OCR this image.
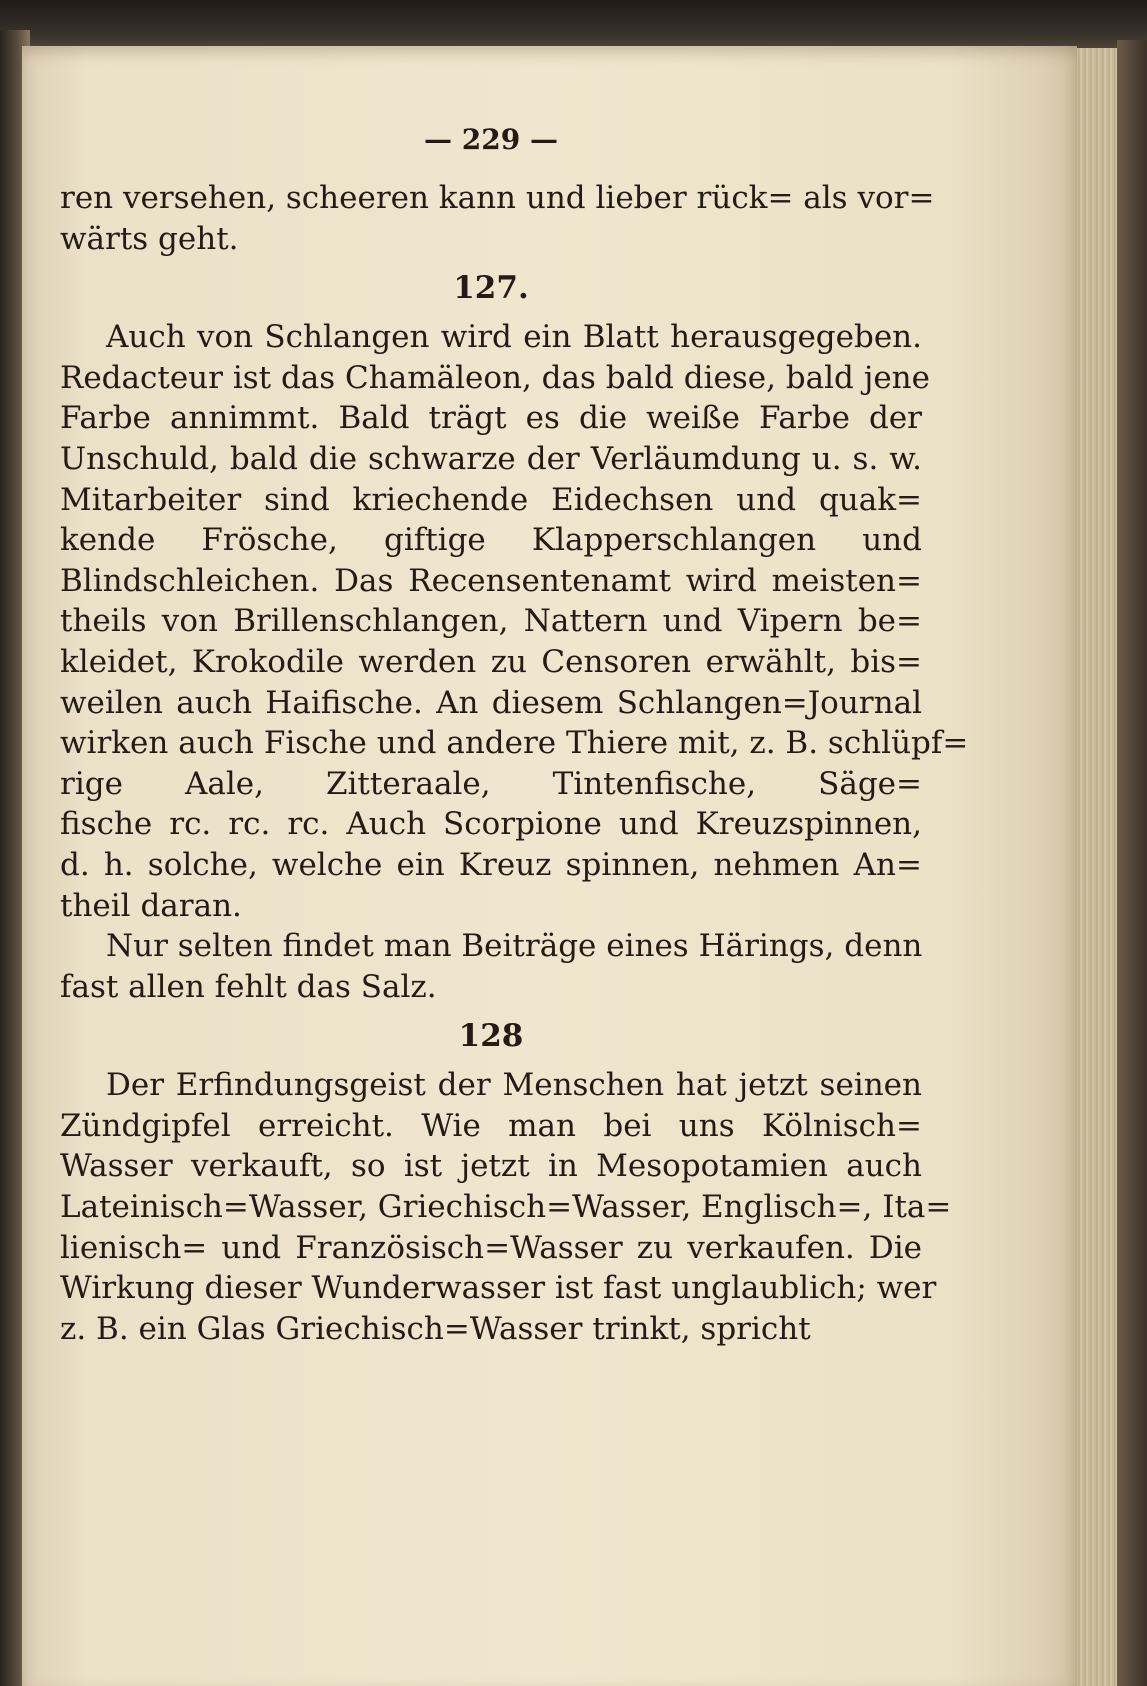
— 229 —
ren versehen, scheeren kann und lieber rück= als vor=
wärts geht.
127.
Auch von Schlangen wird ein Blatt herausgegeben.
Redacteur ist das Chamäleon, das bald diese, bald jene
Farbe annimmt. Bald trägt es die weiße Farbe der
Unschuld, bald die schwarze der Verläumdung u. s. w.
Mitarbeiter sind kriechende Eidechsen und quak=
kende Frösche, giftige Klapperschlangen und
Blindschleichen. Das Recensentenamt wird meisten=
theils von Brillenschlangen, Nattern und Vipern be=
kleidet, Krokodile werden zu Censoren erwählt, bis=
weilen auch Haifische. An diesem Schlangen=Journal
wirken auch Fische und andere Thiere mit, z. B. schlüpf=
rige Aale, Zitteraale, Tintenfische, Säge=
fische rc. rc. rc. Auch Scorpione und Kreuzspinnen,
d. h. solche, welche ein Kreuz spinnen, nehmen An=
theil daran.
Nur selten findet man Beiträge eines Härings, denn
fast allen fehlt das Salz.
128
Der Erfindungsgeist der Menschen hat jetzt seinen
Zündgipfel erreicht. Wie man bei uns Kölnisch=
Wasser verkauft, so ist jetzt in Mesopotamien auch
Lateinisch=Wasser, Griechisch=Wasser, Englisch=, Ita=
lienisch= und Französisch=Wasser zu verkaufen. Die
Wirkung dieser Wunderwasser ist fast unglaublich; wer
z. B. ein Glas Griechisch=Wasser trinkt, spricht
